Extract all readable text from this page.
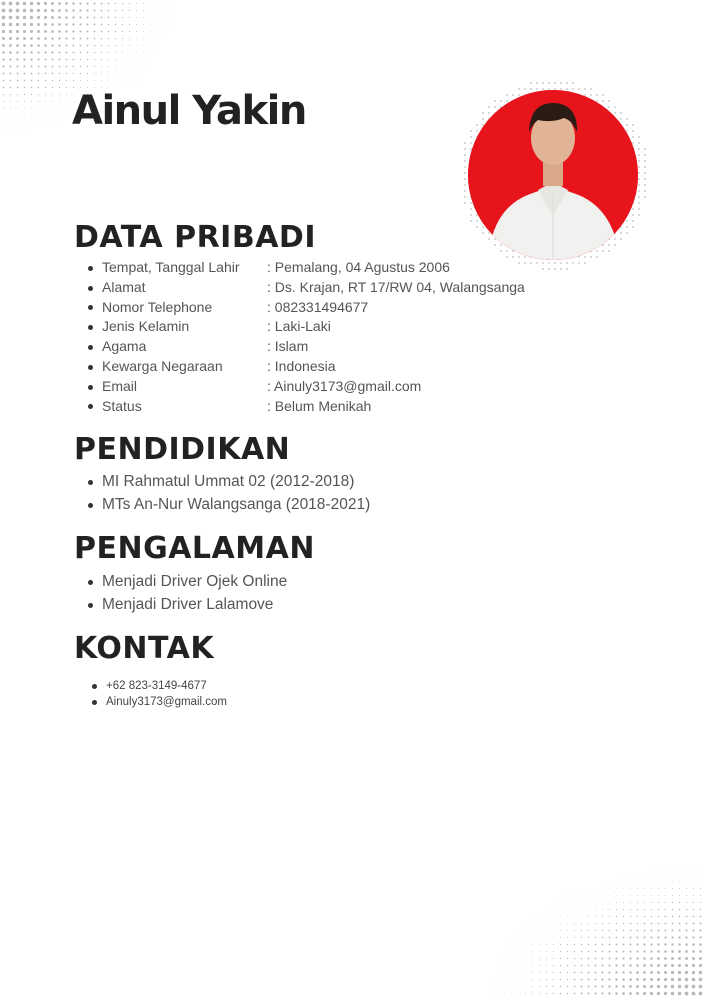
Ainul Yakin
DATA PRIBADI
Tempat, Tanggal Lahir : Pemalang, 04 Agustus 2006
Alamat	: Ds. Krajan, RT 17/RW 04, Walangsanga
Nomor Telephone	: 082331494677
Jenis Kelamin	: Laki-Laki
Agama	: Islam
Kewarga Negaraan	: Indonesia
Email	: Ainuly3173@gmail.com
Status	: Belum Menikah
PENDIDIKAN
MI Rahmatul Ummat 02 (2012-2018)
MTs An-Nur Walangsanga (2018-2021)
PENGALAMAN
Menjadi Driver Ojek Online
Menjadi Driver Lalamove
KONTAK
+62 823-3149-4677
Ainuly3173@gmail.com
